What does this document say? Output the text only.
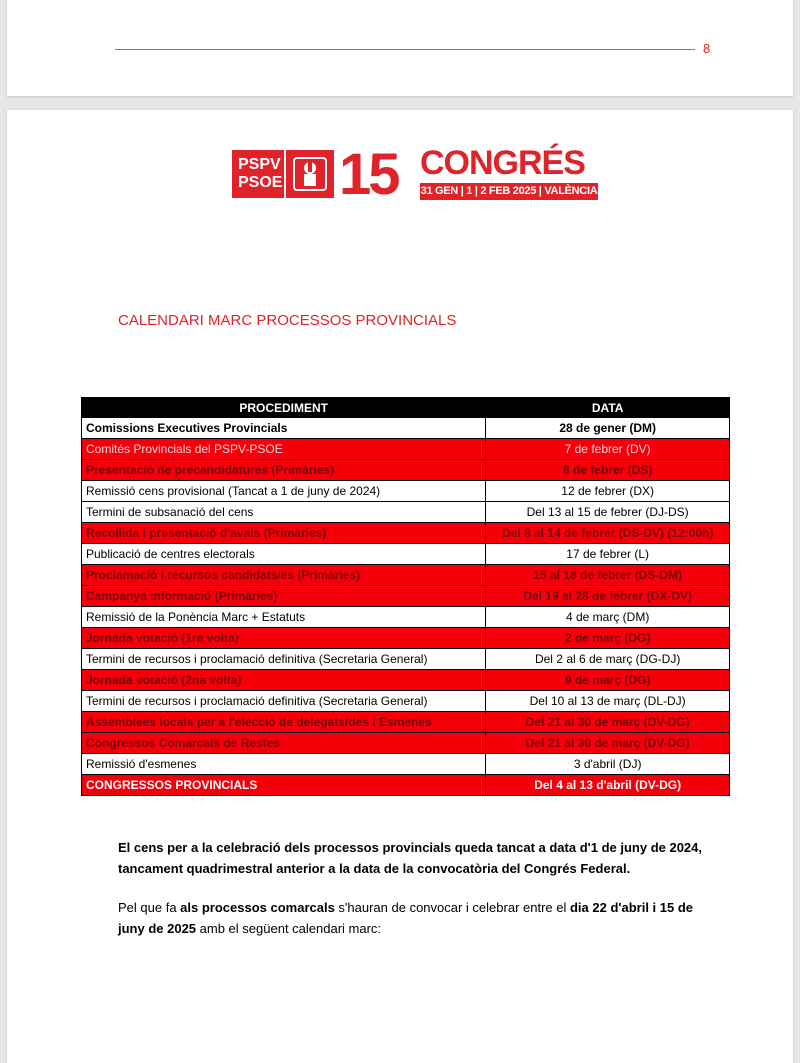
8
PSPV
PSOE 15 CONGRÉS
31 GEN | 1 | 2 FEB 2025 | VALÈNCIA
CALENDARI MARC PROCESSOS PROVINCIALS
PROCEDIMENT	DATA
Comissions Executives Provincials	28 de gener (DM)
Comités Provincials del PSPV-PSOE	7 de febrer (DV)
Presentació de precandidatures (Primàries)	8 de febrer (DS)
Remissió cens provisional (Tancat a 1 de juny de 2024)	12 de febrer (DX)
Termini de subsanació del cens	Del 13 al 15 de febrer (DJ-DS)
Recollida i presentació d'avals (Primàries)	Del 8 al 14 de febrer (DS-DV) (12:00h)
Publicació de centres electorals	17 de febrer (L)
Proclamació i recursos candidats/es (Primàries)	15 al 18 de febrer (DS-DM)
Campanya informació (Primàries)	Del 19 al 28 de febrer (DX-DV)
Remissió de la Ponència Marc + Estatuts	4 de març (DM)
Jornada votació (1ra volta)	2 de març (DG)
Termini de recursos i proclamació definitiva (Secretaria General)	Del 2 al 6 de març (DG-DJ)
Jornada votació (2na volta)	9 de març (DG)
Termini de recursos i proclamació definitiva (Secretaria General)	Del 10 al 13 de març (DL-DJ)
Assemblees locals per a l'elecció de delegats/des i Esmenes	Del 21 al 30 de març (DV-DG)
Congressos Comarcals de Restes	Del 21 al 30 de març (DV-DG)
Remissió d'esmenes	3 d'abril (DJ)
CONGRESSOS PROVINCIALS	Del 4 al 13 d'abril (DV-DG)

El cens per a la celebració dels processos provincials queda tancat a data d'1 de juny de 2024, tancament quadrimestral anterior a la data de la convocatòria del Congrés Federal.

Pel que fa als processos comarcals s'hauran de convocar i celebrar entre el dia 22 d'abril i 15 de juny de 2025 amb el següent calendari marc:
